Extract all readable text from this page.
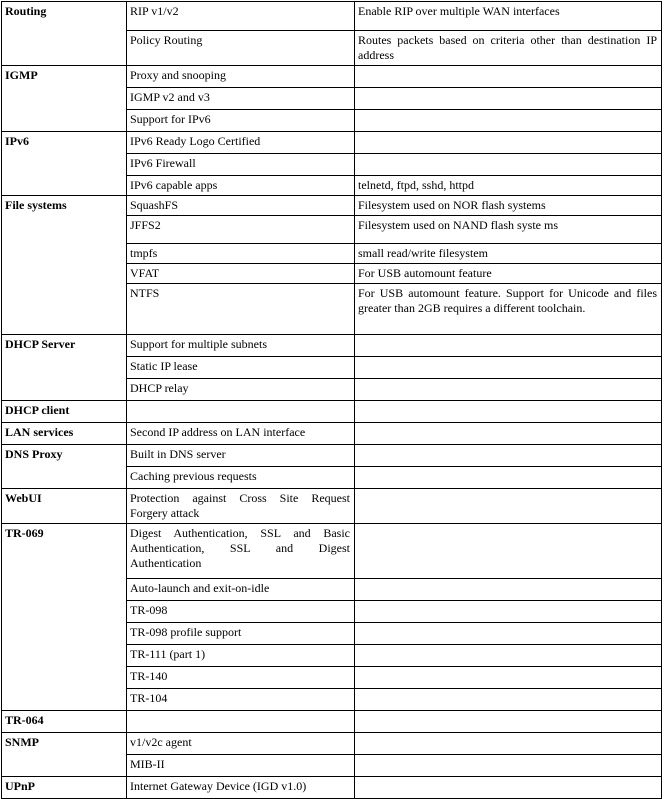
Routing	RIP v1/v2	Enable RIP over multiple WAN interfaces
	Policy Routing	Routes packets based on criteria other than destination IP address
IGMP	Proxy and snooping	
	IGMP v2 and v3	
	Support for IPv6	
IPv6	IPv6 Ready Logo Certified	
	IPv6 Firewall	
	IPv6 capable apps	telnetd, ftpd, sshd, httpd
File systems	SquashFS	Filesystem used on NOR flash systems
	JFFS2	Filesystem used on NAND flash syste ms
	tmpfs	small read/write filesystem
	VFAT	For USB automount feature
	NTFS	For USB automount feature. Support for Unicode and files greater than 2GB requires a different toolchain.
DHCP Server	Support for multiple subnets	
	Static IP lease	
	DHCP relay	
DHCP client		
LAN services	Second IP address on LAN interface	
DNS Proxy	Built in DNS server	
	Caching previous requests	
WebUI	Protection against Cross Site Request Forgery attack	
TR-069	Digest Authentication, SSL and Basic Authentication, SSL and Digest Authentication	
	Auto-launch and exit-on-idle	
	TR-098	
	TR-098 profile support	
	TR-111 (part 1)	
	TR-140	
	TR-104	
TR-064		
SNMP	v1/v2c agent	
	MIB-II	
UPnP	Internet Gateway Device (IGD v1.0)	
